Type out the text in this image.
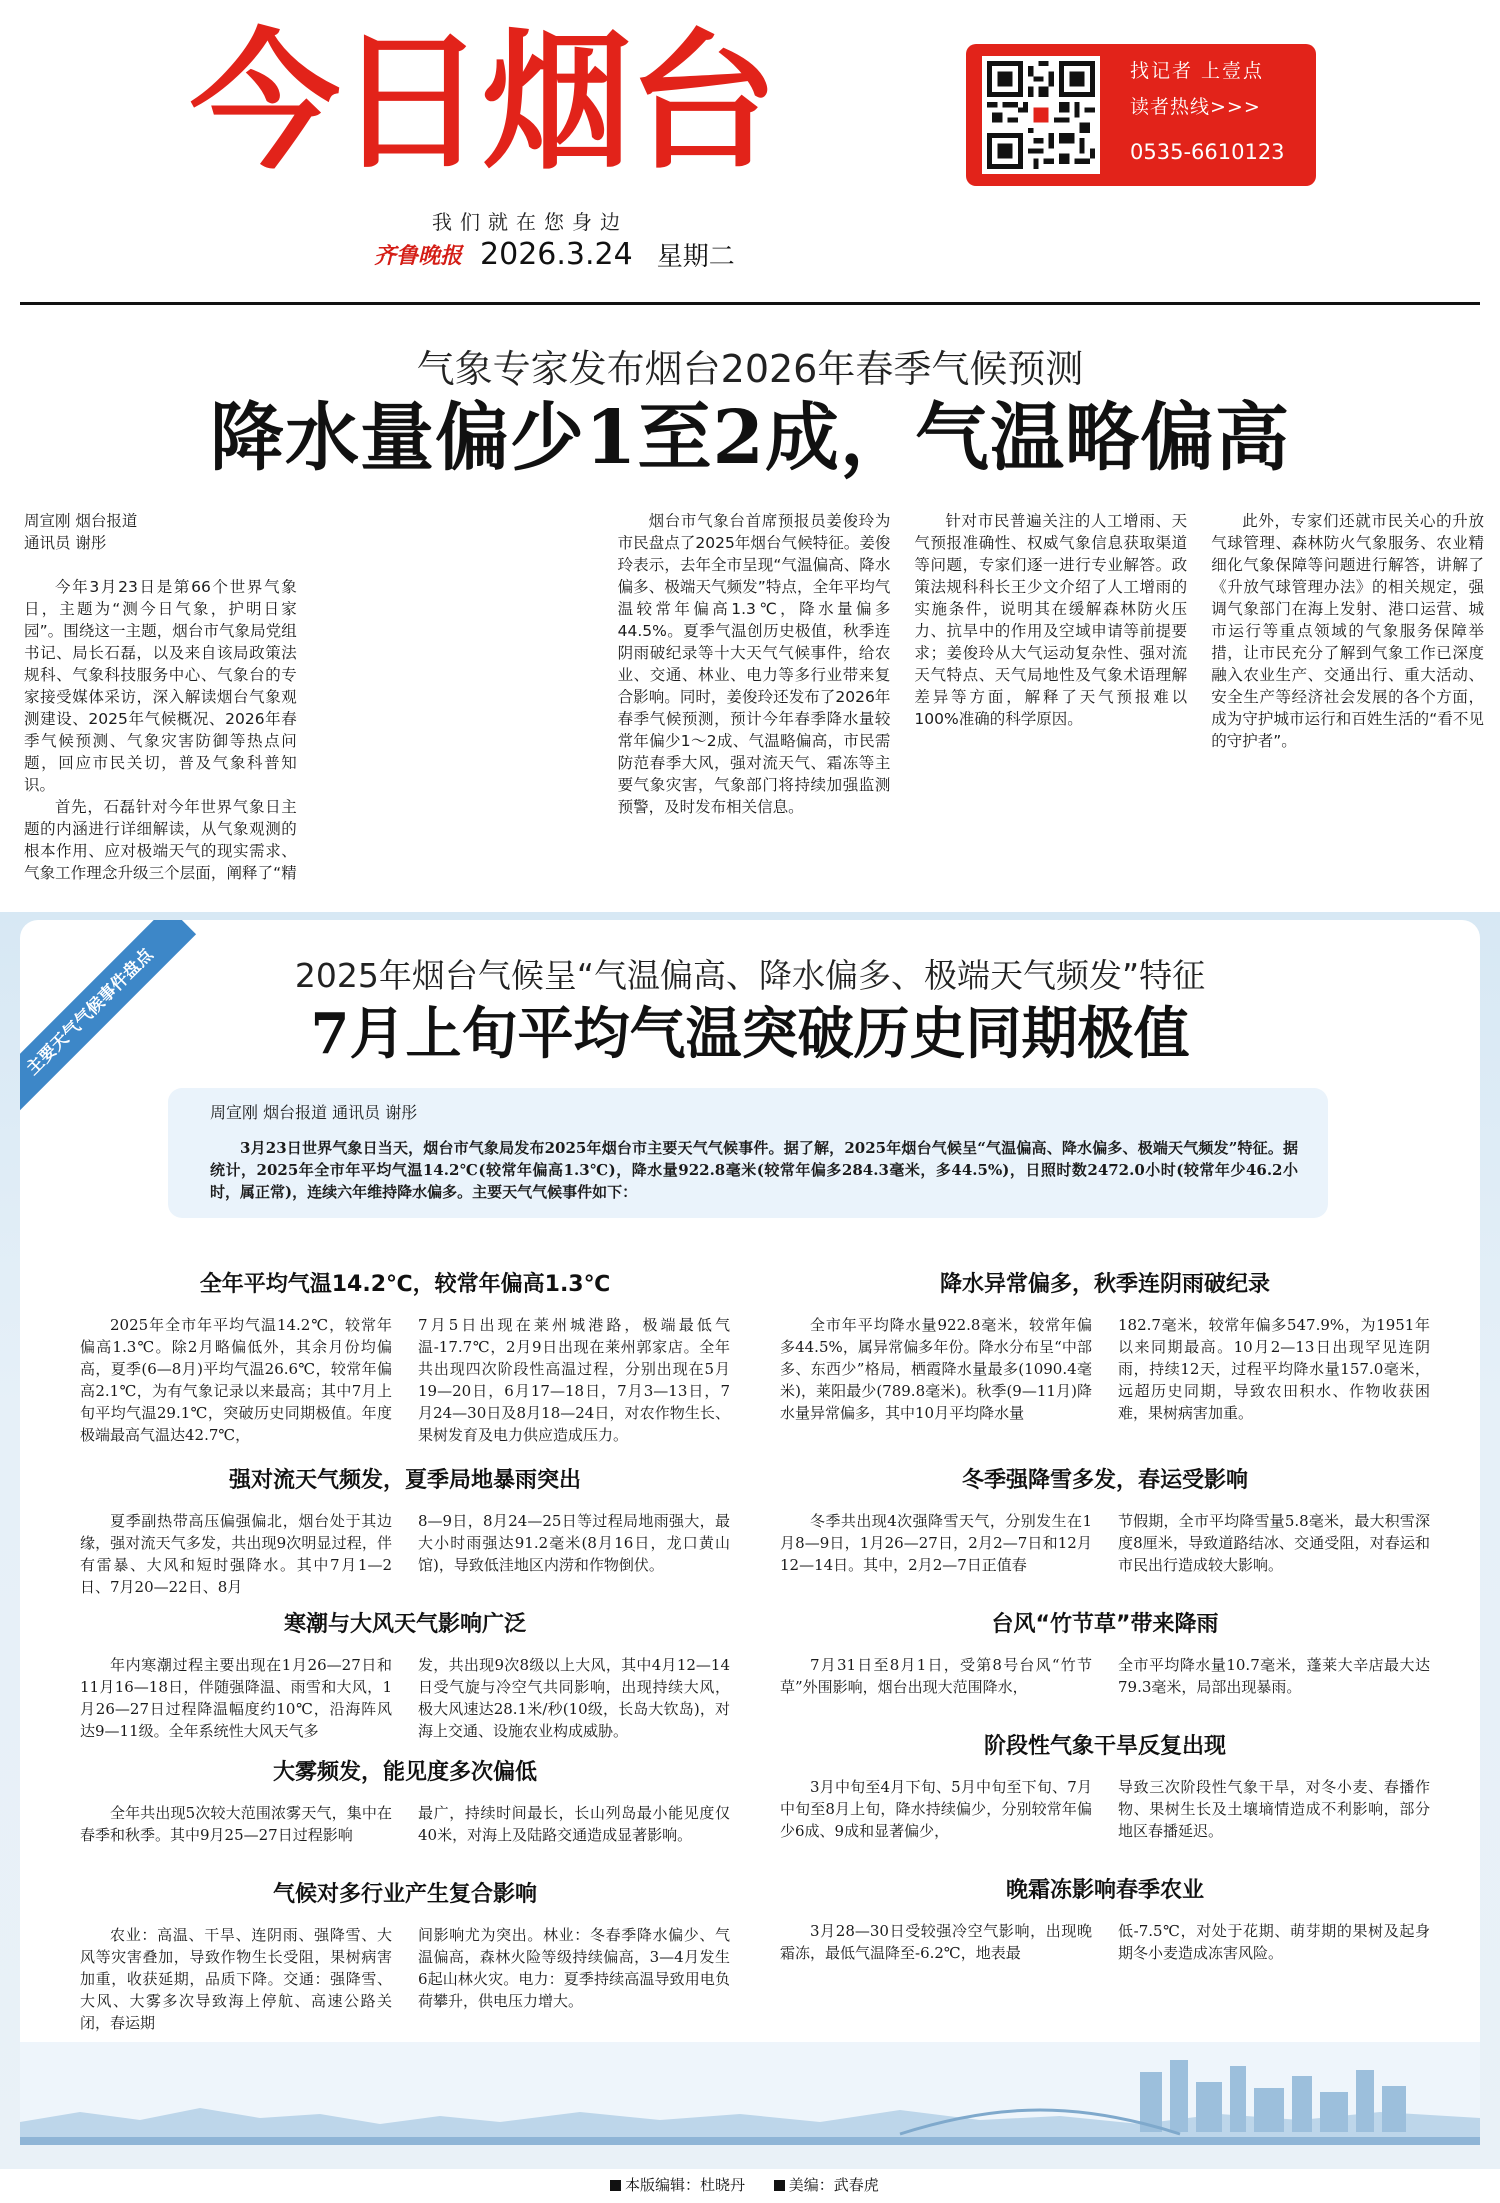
今日烟台
我们就在您身边
齐鲁晚报 2026.3.24 星期二
找记者 上壹点
读者热线>>>
0535-6610123
气象专家发布烟台2026年春季气候预测
降水量偏少1至2成，气温略偏高
周宣刚 烟台报道
通讯员 谢彤

今年3月23日是第66个世界气象日，主题为“测今日气象，护明日家园”。围绕这一主题，烟台市气象局党组书记、局长石磊，以及来自该局政策法规科、气象科技服务中心、气象台的专家接受媒体采访，深入解读烟台气象观测建设、2025年气候概况、2026年春季气候预测、气象灾害防御等热点问题，回应市民关切，普及气象科普知识。

首先，石磊针对今年世界气象日主题的内涵进行详细解读，从气象观测的根本作用、应对极端天气的现实需求、气象工作理念升级三个层面，阐释了“精

烟台市气象台首席预报员姜俊玲为市民盘点了2025年烟台气候特征。姜俊玲表示，去年全市呈现“气温偏高、降水偏多、极端天气频发”特点，全年平均气温较常年偏高1.3℃，降水量偏多44.5%。夏季气温创历史极值，秋季连阴雨破纪录等十大天气气候事件，给农业、交通、林业、电力等多行业带来复合影响。同时，姜俊玲还发布了2026年春季气候预测，预计今年春季降水量较常年偏少1～2成、气温略偏高，市民需防范春季大风，强对流天气、霜冻等主要气象灾害，气象部门将持续加强监测预警，及时发布相关信息。

针对市民普遍关注的人工增雨、天气预报准确性、权威气象信息获取渠道等问题，专家们逐一进行专业解答。政策法规科科长王少文介绍了人工增雨的实施条件，说明其在缓解森林防火压力、抗旱中的作用及空域申请等前提要求；姜俊玲从大气运动复杂性、强对流天气特点、天气局地性及气象术语理解差异等方面，解释了天气预报难以100%准确的科学原因。

此外，专家们还就市民关心的升放气球管理、森林防火气象服务、农业精细化气象保障等问题进行解答，讲解了《升放气球管理办法》的相关规定，强调气象部门在海上发射、港口运营、城市运行等重点领域的气象服务保障举措，让市民充分了解到气象工作已深度融入农业生产、交通出行、重大活动、安全生产等经济社会发展的各个方面，成为守护城市运行和百姓生活的“看不见的守护者”。

主要天气气候事件盘点	2025年烟台气候呈“气温偏高、降水偏多、极端天气频发”特征
7月上旬平均气温突破历史同期极值
周宣刚 烟台报道 通讯员 谢彤

3月23日世界气象日当天，烟台市气象局发布2025年烟台市主要天气气候事件。据了解，2025年烟台气候呈“气温偏高、降水偏多、极端天气频发”特征。据统计，2025年全市年平均气温14.2℃(较常年偏高1.3℃)，降水量922.8毫米(较常年偏多284.3毫米，多44.5%)，日照时数2472.0小时(较常年少46.2小时，属正常)，连续六年维持降水偏多。主要天气气候事件如下：

全年平均气温14.2℃，较常年偏高1.3℃

2025年全市年平均气温14.2℃，较常年偏高1.3℃。除2月略偏低外，其余月份均偏高，夏季(6—8月)平均气温26.6℃，较常年偏高2.1℃，为有气象记录以来最高；其中7月上旬平均气温29.1℃，突破历史同期极值。年度极端最高气温达42.7℃，

7月5日出现在莱州城港路，极端最低气温-17.7℃，2月9日出现在莱州郭家店。全年共出现四次阶段性高温过程，分别出现在5月19—20日，6月17—18日，7月3—13日，7月24—30日及8月18—24日，对农作物生长、果树发育及电力供应造成压力。

强对流天气频发，夏季局地暴雨突出

夏季副热带高压偏强偏北，烟台处于其边缘，强对流天气多发，共出现9次明显过程，伴有雷暴、大风和短时强降水。其中7月1—2日、7月20—22日、8月

8—9日，8月24—25日等过程局地雨强大，最大小时雨强达91.2毫米(8月16日，龙口黄山馆)，导致低洼地区内涝和作物倒伏。

寒潮与大风天气影响广泛

年内寒潮过程主要出现在1月26—27日和11月16—18日，伴随强降温、雨雪和大风，1月26—27日过程降温幅度约10℃，沿海阵风达9—11级。全年系统性大风天气多

发，共出现9次8级以上大风，其中4月12—14日受气旋与冷空气共同影响，出现持续大风，极大风速达28.1米/秒(10级，长岛大钦岛)，对海上交通、设施农业构成威胁。

大雾频发，能见度多次偏低

全年共出现5次较大范围浓雾天气，集中在春季和秋季。其中9月25—27日过程影响

最广，持续时间最长，长山列岛最小能见度仅40米，对海上及陆路交通造成显著影响。

气候对多行业产生复合影响

农业：高温、干旱、连阴雨、强降雪、大风等灾害叠加，导致作物生长受阻，果树病害加重，收获延期，品质下降。交通：强降雪、大风、大雾多次导致海上停航、高速公路关闭，春运期

间影响尤为突出。林业：冬春季降水偏少、气温偏高，森林火险等级持续偏高，3—4月发生6起山林火灾。电力：夏季持续高温导致用电负荷攀升，供电压力增大。

降水异常偏多，秋季连阴雨破纪录

全市年平均降水量922.8毫米，较常年偏多44.5%，属异常偏多年份。降水分布呈“中部多、东西少”格局，栖霞降水量最多(1090.4毫米)，莱阳最少(789.8毫米)。秋季(9—11月)降水量异常偏多，其中10月平均降水量

182.7毫米，较常年偏多547.9%，为1951年以来同期最高。10月2—13日出现罕见连阴雨，持续12天，过程平均降水量157.0毫米，远超历史同期，导致农田积水、作物收获困难，果树病害加重。

冬季强降雪多发，春运受影响

冬季共出现4次强降雪天气，分别发生在1月8—9日，1月26—27日，2月2—7日和12月12—14日。其中，2月2—7日正值春

节假期，全市平均降雪量5.8毫米，最大积雪深度8厘米，导致道路结冰、交通受阻，对春运和市民出行造成较大影响。

台风“竹节草”带来降雨

7月31日至8月1日，受第8号台风“竹节草”外围影响，烟台出现大范围降水，

全市平均降水量10.7毫米，蓬莱大辛店最大达79.3毫米，局部出现暴雨。

阶段性气象干旱反复出现

3月中旬至4月下旬、5月中旬至下旬、7月中旬至8月上旬，降水持续偏少，分别较常年偏少6成、9成和显著偏少，

导致三次阶段性气象干旱，对冬小麦、春播作物、果树生长及土壤墒情造成不利影响，部分地区春播延迟。

晚霜冻影响春季农业

3月28—30日受较强冷空气影响，出现晚霜冻，最低气温降至-6.2℃，地表最

低-7.5℃，对处于花期、萌芽期的果树及起身期冬小麦造成冻害风险。

本版编辑：杜晓丹	美编：武春虎
